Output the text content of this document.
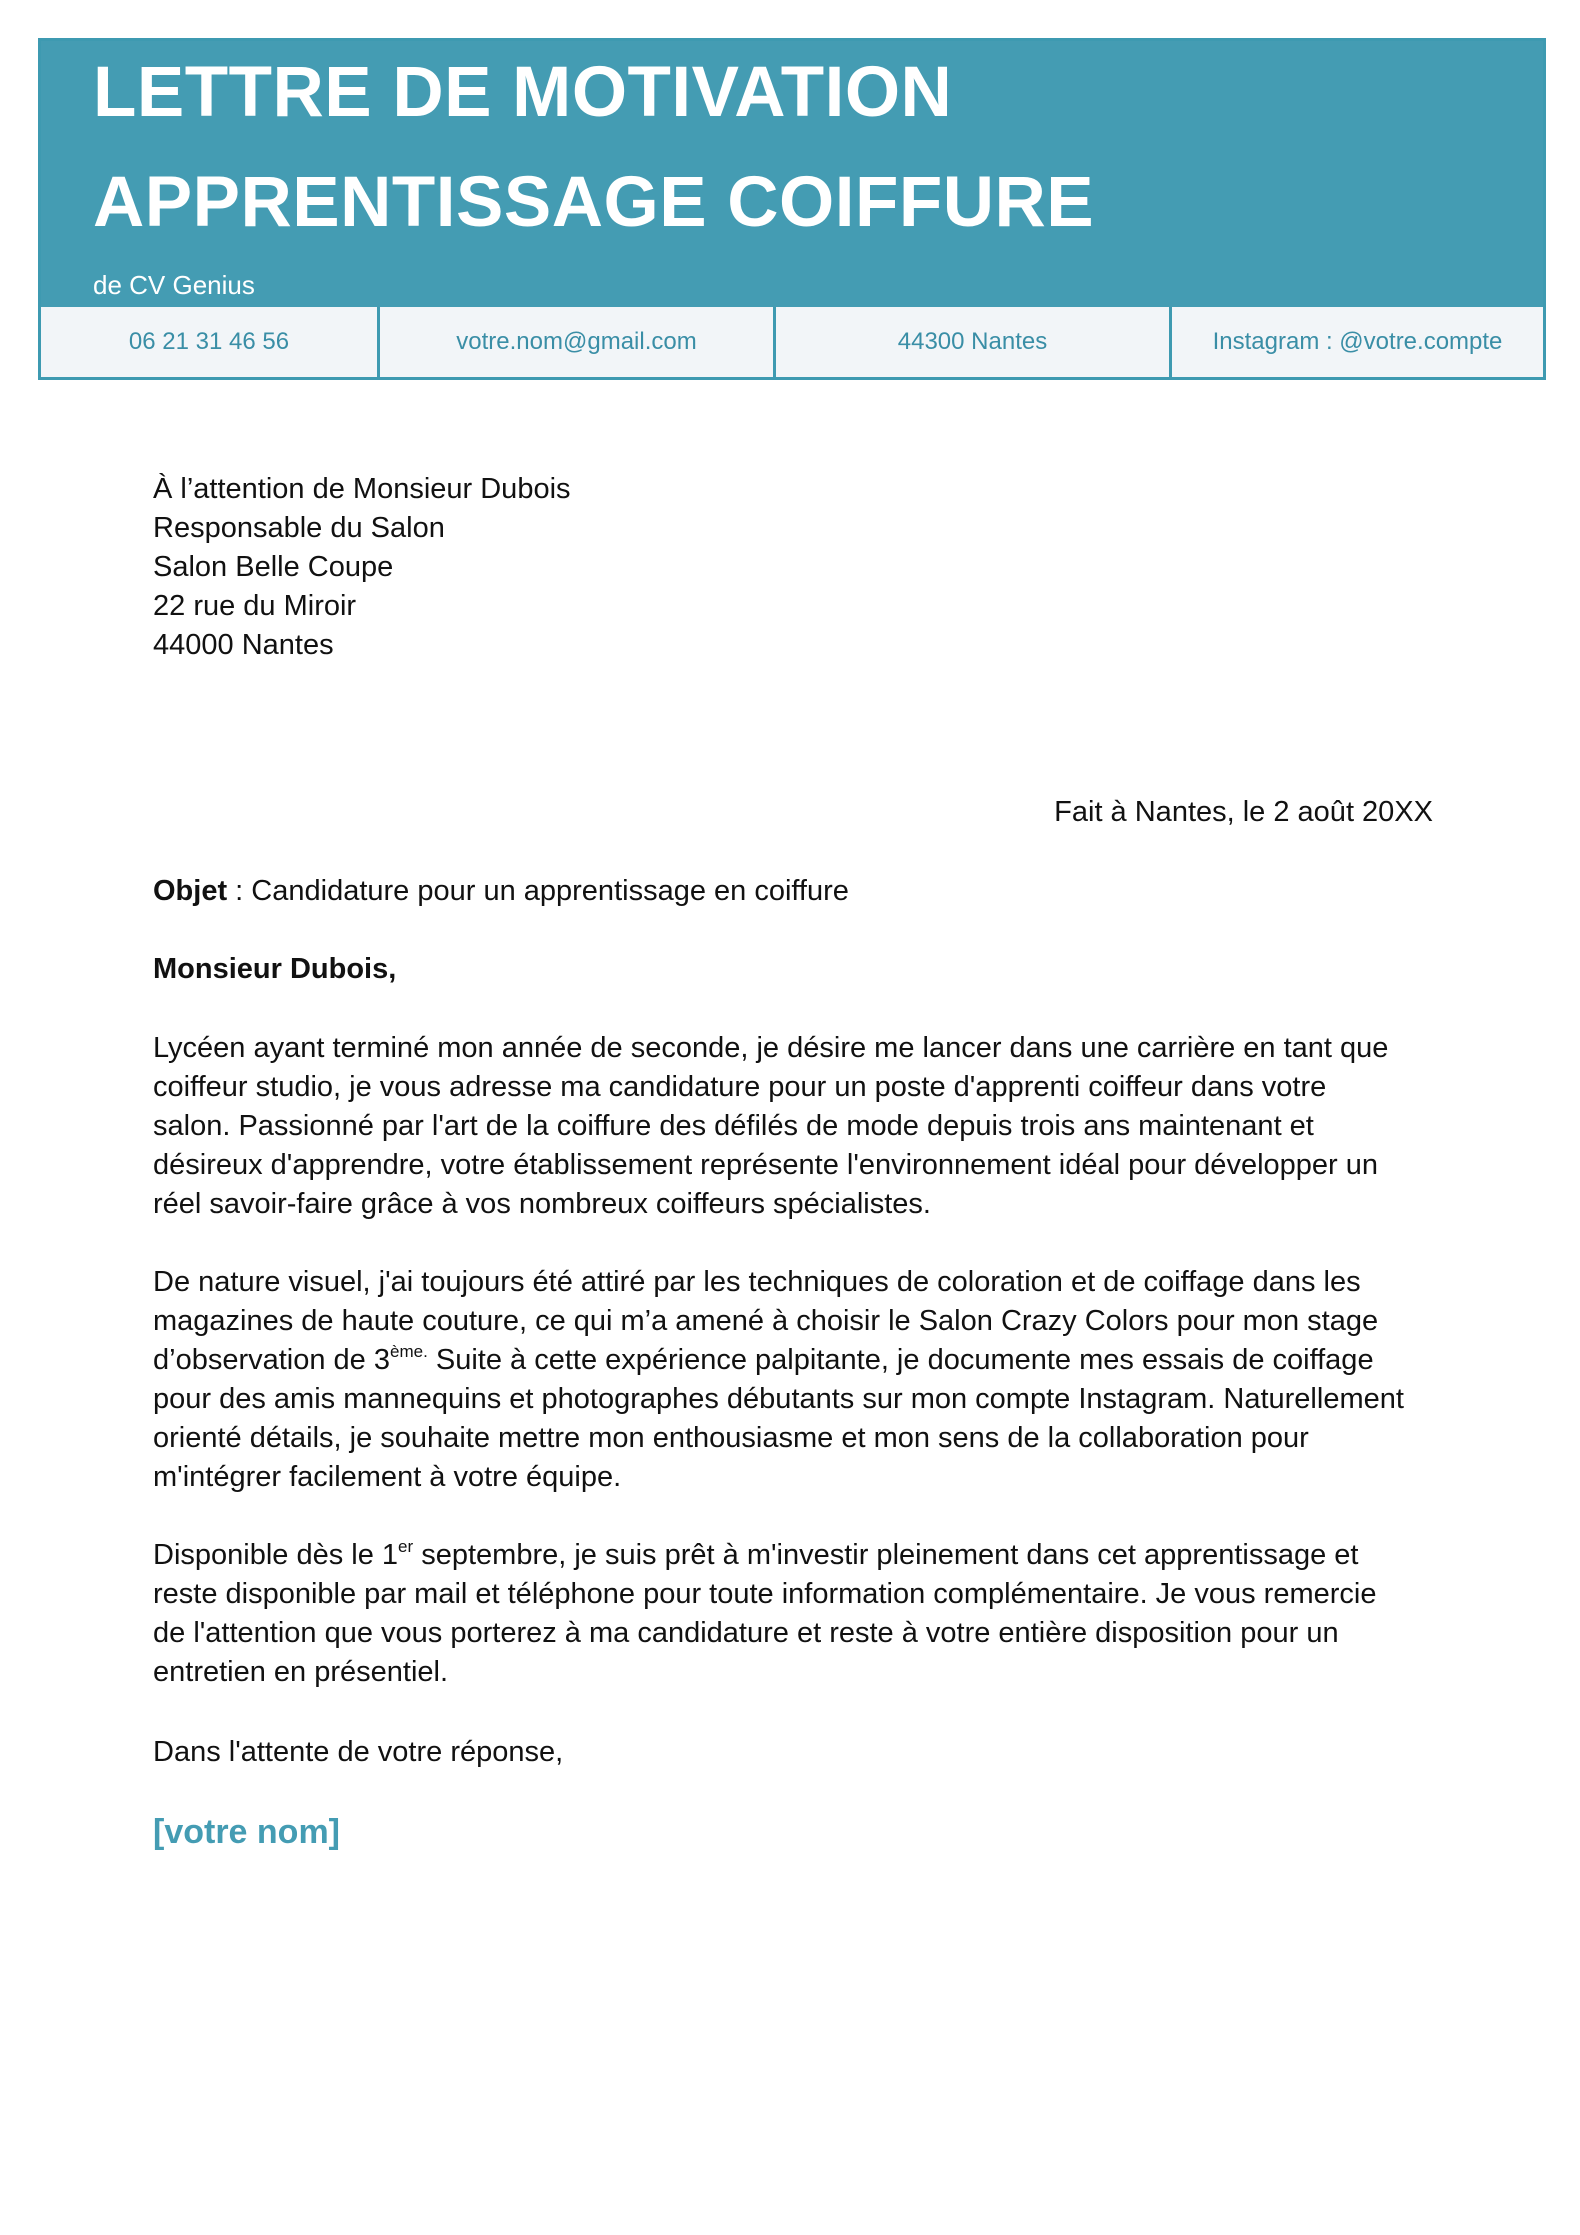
LETTRE DE MOTIVATION
APPRENTISSAGE COIFFURE
de CV Genius
06 21 31 46 56	votre.nom@gmail.com	44300 Nantes	Instagram : @votre.compte
À l’attention de Monsieur Dubois
Responsable du Salon
Salon Belle Coupe
22 rue du Miroir
44000 Nantes
Fait à Nantes, le 2 août 20XX
Objet : Candidature pour un apprentissage en coiffure
Monsieur Dubois,

Lycéen ayant terminé mon année de seconde, je désire me lancer dans une carrière en tant que
coiffeur studio, je vous adresse ma candidature pour un poste d'apprenti coiffeur dans votre
salon. Passionné par l'art de la coiffure des défilés de mode depuis trois ans maintenant et
désireux d'apprendre, votre établissement représente l'environnement idéal pour développer un
réel savoir-faire grâce à vos nombreux coiffeurs spécialistes.

De nature visuel, j'ai toujours été attiré par les techniques de coloration et de coiffage dans les
magazines de haute couture, ce qui m’a amené à choisir le Salon Crazy Colors pour mon stage
d’observation de $3^{ème.}$ Suite à cette expérience palpitante, je documente mes essais de coiffage
pour des amis mannequins et photographes débutants sur mon compte Instagram. Naturellement
orienté détails, je souhaite mettre mon enthousiasme et mon sens de la collaboration pour
m'intégrer facilement à votre équipe.

Disponible dès le 1er septembre, je suis prêt à m'investir pleinement dans cet apprentissage et
reste disponible par mail et téléphone pour toute information complémentaire. Je vous remercie
de l'attention que vous porterez à ma candidature et reste à votre entière disposition pour un
entretien en présentiel.

Dans l'attente de votre réponse,
[votre nom]
